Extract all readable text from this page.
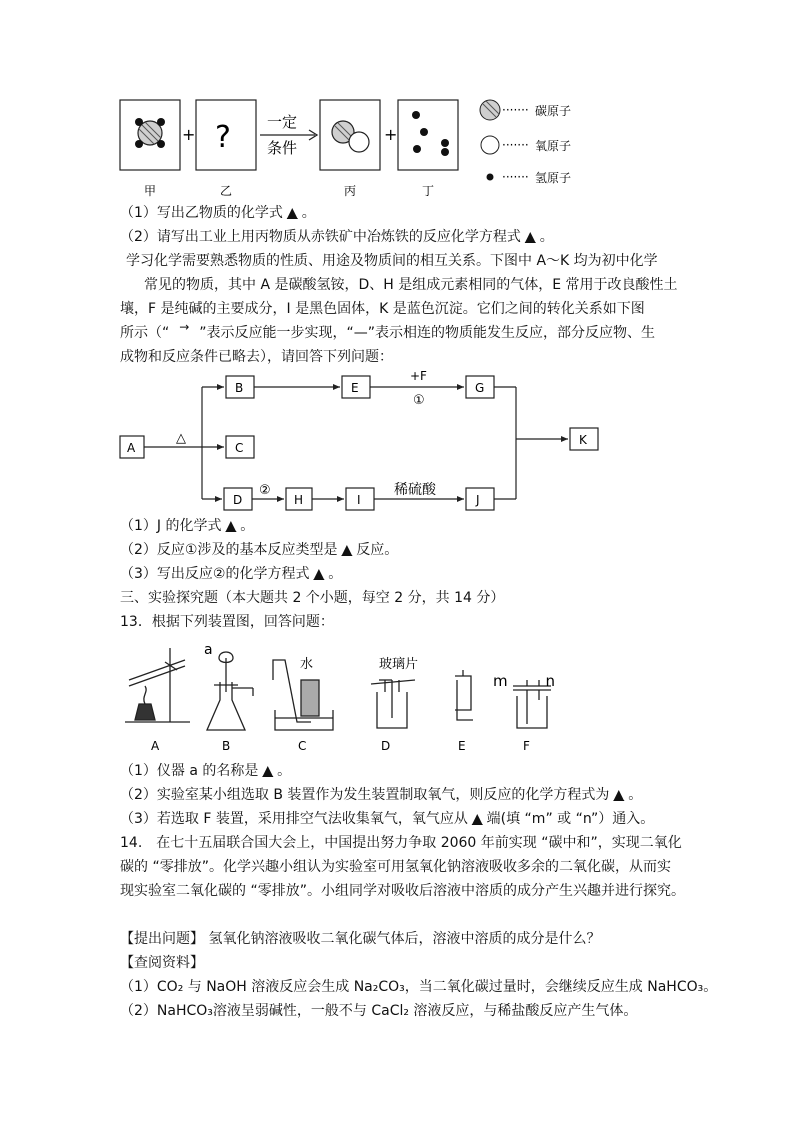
+ ? 一定
条件
+
······· 碳原子
······· 氧原子
······· 氢原子
甲	乙	丙	丁
（1）写出乙物质的化学式 ▲ 。
（2）请写出工业上用丙物质从赤铁矿中冶炼铁的反应化学方程式 ▲ 。
学习化学需要熟悉物质的性质、用途及物质间的相互关系。下图中 A～K 均为初中化学
常见的物质，其中 A 是碳酸氢铵，D、H 是组成元素相同的气体，E 常用于改良酸性土
壤，F 是纯碱的主要成分，I 是黑色固体，K 是蓝色沉淀。它们之间的转化关系如下图
所示（“ → ”表示反应能一步实现，“—”表示相连的物质能发生反应，部分反应物、生
成物和反应条件已略去），请回答下列问题：
A
B
C
D
E	G
H	I	J
K
△
+F
①
②	稀硫酸
（1）J 的化学式 ▲ 。
（2）反应①涉及的基本反应类型是 ▲ 反应。
（3）写出反应②的化学方程式 ▲ 。
三、实验探究题（本大题共 2 个小题，每空 2 分，共 14 分）
13．根据下列装置图，回答问题：
a
水	玻璃片
m	n
A	B	C	D	E	F
（1）仪器 a 的名称是 ▲ 。
（2）实验室某小组选取 B 装置作为发生装置制取氧气，则反应的化学方程式为 ▲ 。
（3）若选取 F 装置，采用排空气法收集氧气，氧气应从 ▲ 端(填 “m” 或 “n”）通入。
14.　在七十五届联合国大会上，中国提出努力争取 2060 年前实现 “碳中和”，实现二氧化
碳的 “零排放”。化学兴趣小组认为实验室可用氢氧化钠溶液吸收多余的二氧化碳，从而实
现实验室二氧化碳的 “零排放”。小组同学对吸收后溶液中溶质的成分产生兴趣并进行探究。
【提出问题】 氢氧化钠溶液吸收二氧化碳气体后，溶液中溶质的成分是什么？
【查阅资料】
（1）CO₂ 与 NaOH 溶液反应会生成 Na₂CO₃，当二氧化碳过量时，会继续反应生成 NaHCO₃。
（2）NaHCO₃溶液呈弱碱性，一般不与 CaCl₂ 溶液反应，与稀盐酸反应产生气体。
